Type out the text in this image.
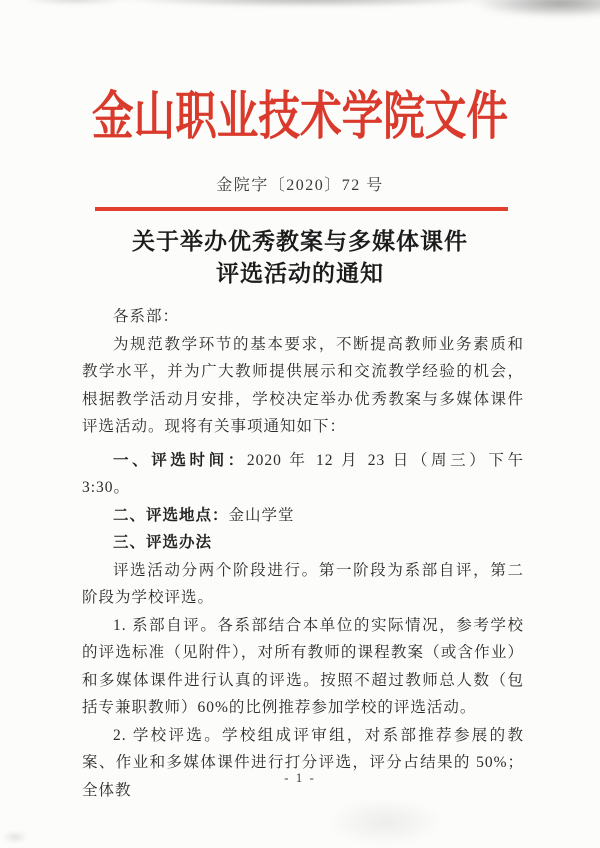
金山职业技术学院文件
金院字〔2020〕72 号
关于举办优秀教案与多媒体课件
评选活动的通知

各系部：

为规范教学环节的基本要求，不断提高教师业务素质和教学水平，并为广大教师提供展示和交流教学经验的机会，根据教学活动月安排，学校决定举办优秀教案与多媒体课件评选活动。现将有关事项通知如下：

一、评选时间：2020 年 12 月 23 日（周三）下午 3:30。

二、评选地点：金山学堂

三、评选办法

评选活动分两个阶段进行。第一阶段为系部自评，第二阶段为学校评选。

1. 系部自评。各系部结合本单位的实际情况，参考学校的评选标准（见附件），对所有教师的课程教案（或含作业）和多媒体课件进行认真的评选。按照不超过教师总人数（包括专兼职教师）60%的比例推荐参加学校的评选活动。

2. 学校评选。学校组成评审组，对系部推荐参展的教案、作业和多媒体课件进行打分评选，评分占结果的 50%；全体教

- 1 -
